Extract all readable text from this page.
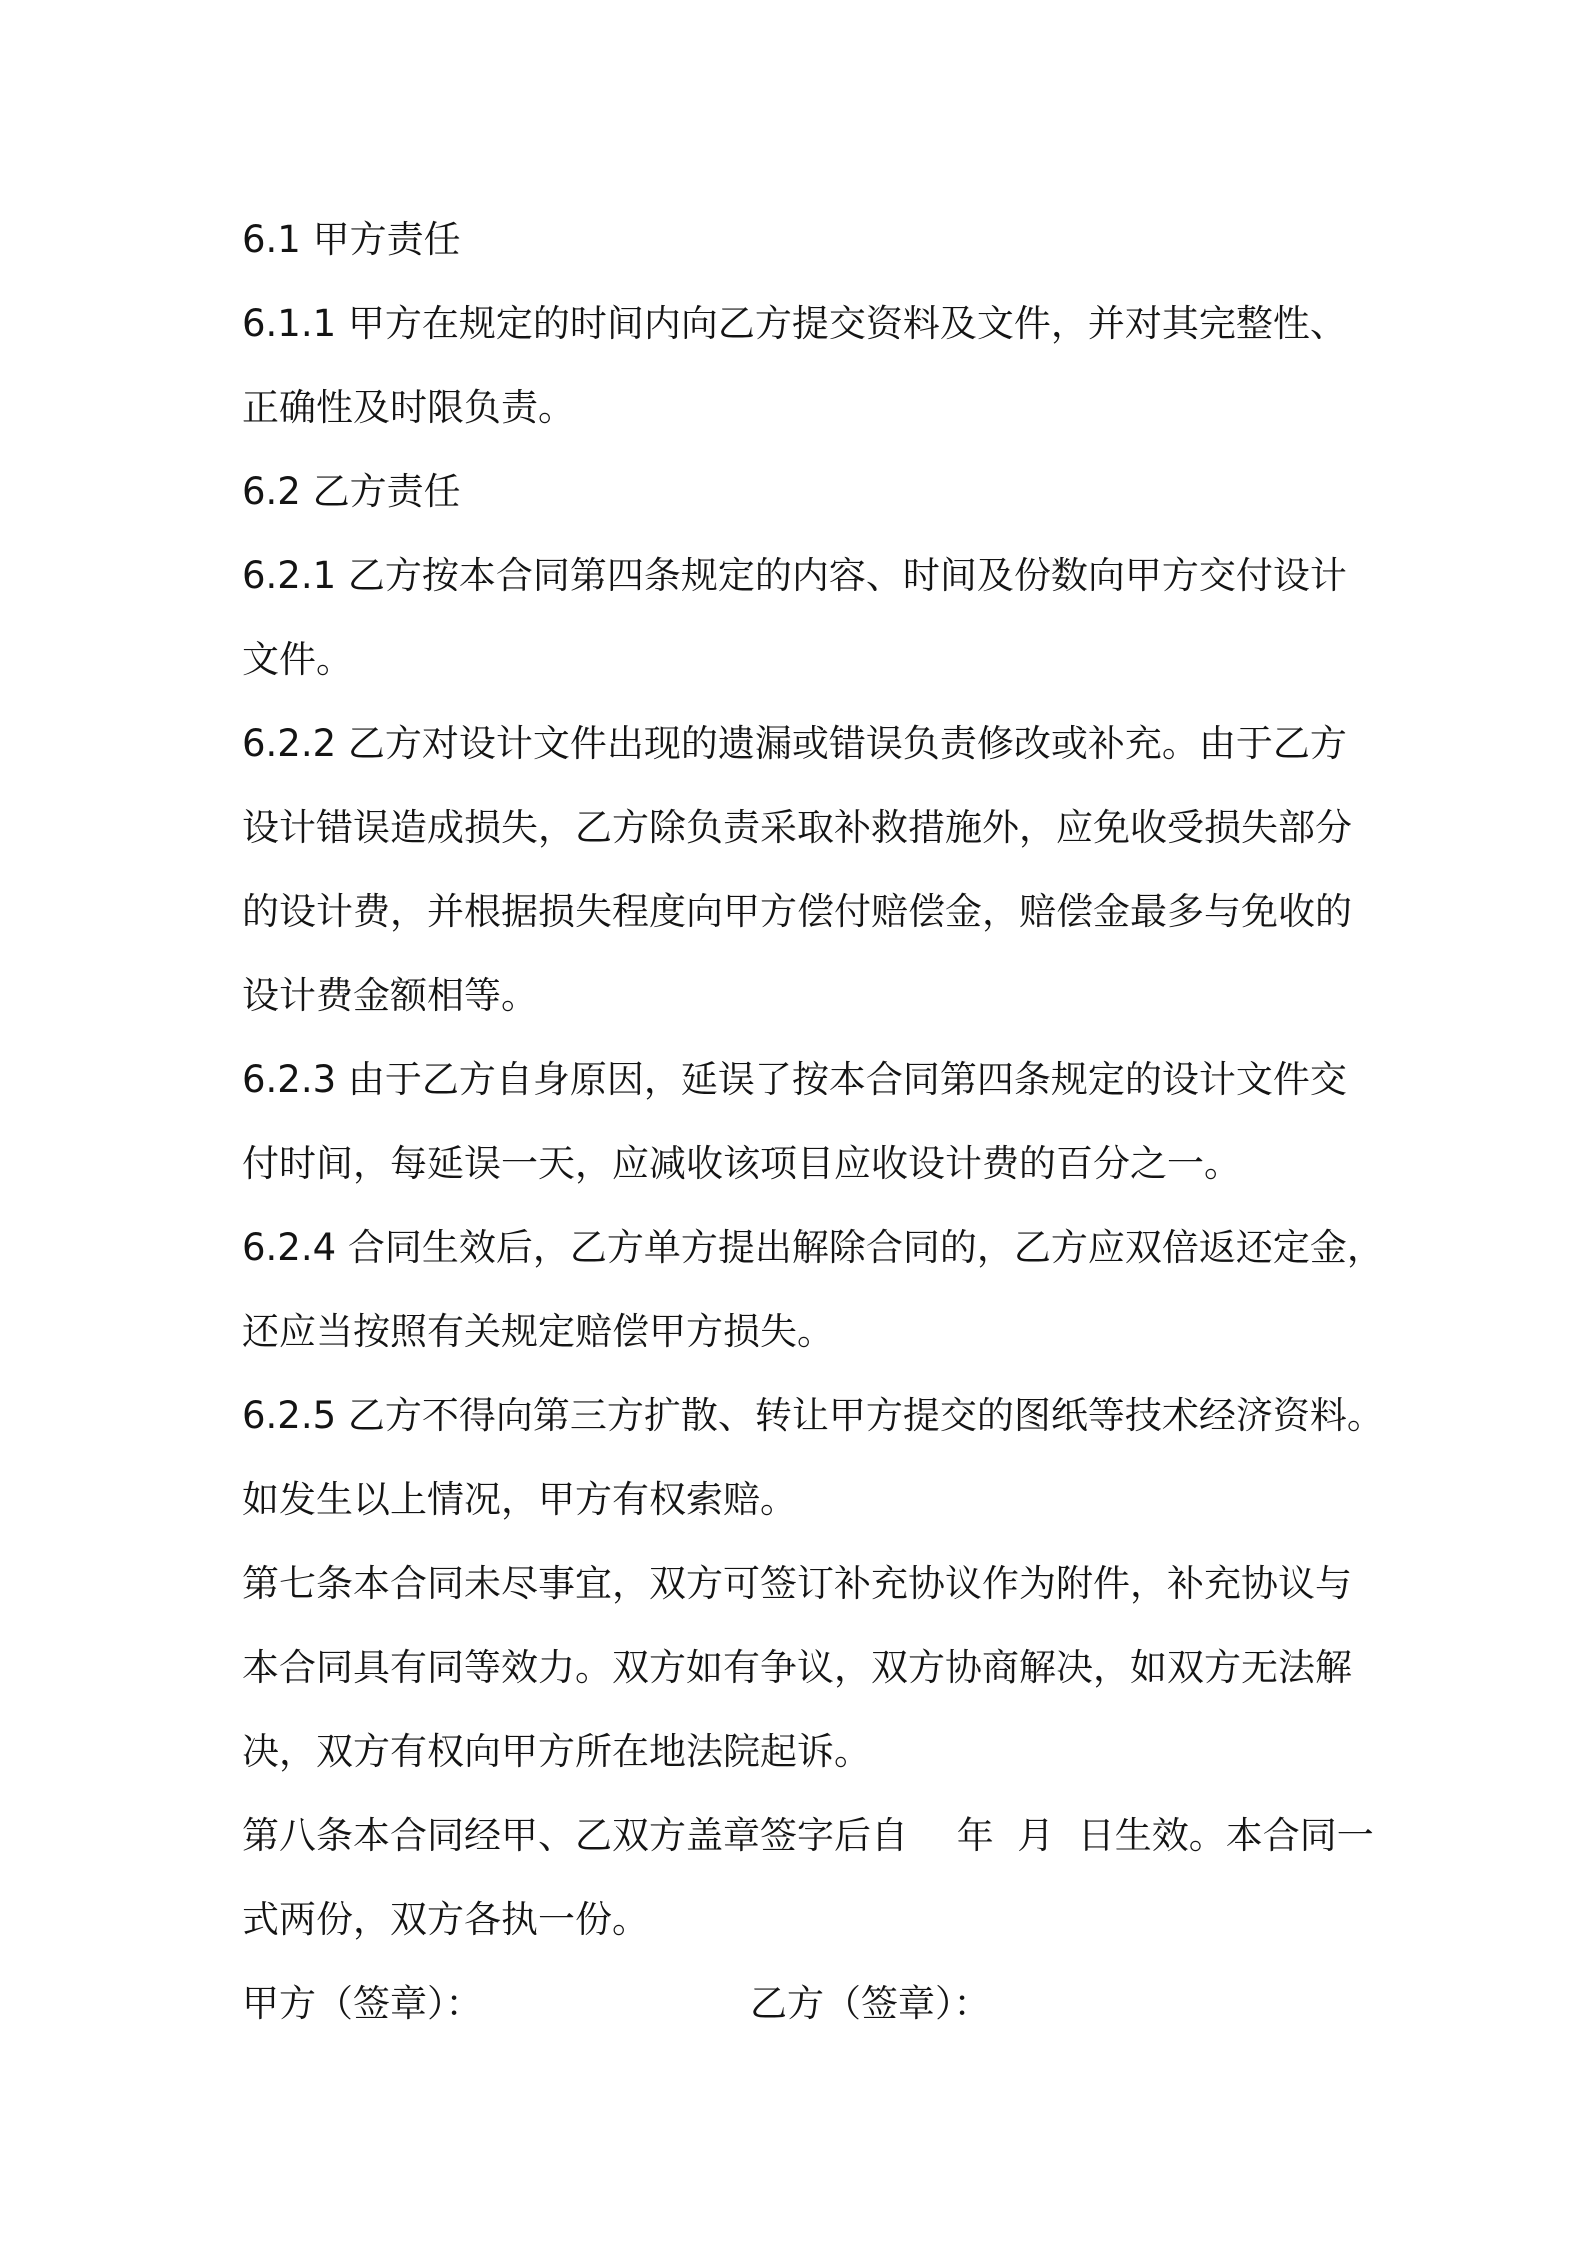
6.1 甲方责任
6.1.1 甲方在规定的时间内向乙方提交资料及文件，并对其完整性、
正确性及时限负责。
6.2 乙方责任
6.2.1 乙方按本合同第四条规定的内容、时间及份数向甲方交付设计
文件。
6.2.2 乙方对设计文件出现的遗漏或错误负责修改或补充。由于乙方
设计错误造成损失，乙方除负责采取补救措施外，应免收受损失部分
的设计费，并根据损失程度向甲方偿付赔偿金，赔偿金最多与免收的
设计费金额相等。
6.2.3 由于乙方自身原因，延误了按本合同第四条规定的设计文件交
付时间，每延误一天，应减收该项目应收设计费的百分之一。
6.2.4 合同生效后，乙方单方提出解除合同的，乙方应双倍返还定金，
还应当按照有关规定赔偿甲方损失。
6.2.5 乙方不得向第三方扩散、转让甲方提交的图纸等技术经济资料。
如发生以上情况，甲方有权索赔。
第七条本合同未尽事宜，双方可签订补充协议作为附件，补充协议与
本合同具有同等效力。双方如有争议，双方协商解决，如双方无法解
决，双方有权向甲方所在地法院起诉。
第八条本合同经甲、乙双方盖章签字后自　 年  月  日生效。本合同一
式两份，双方各执一份。
甲方（签章）：	乙方（签章）：
